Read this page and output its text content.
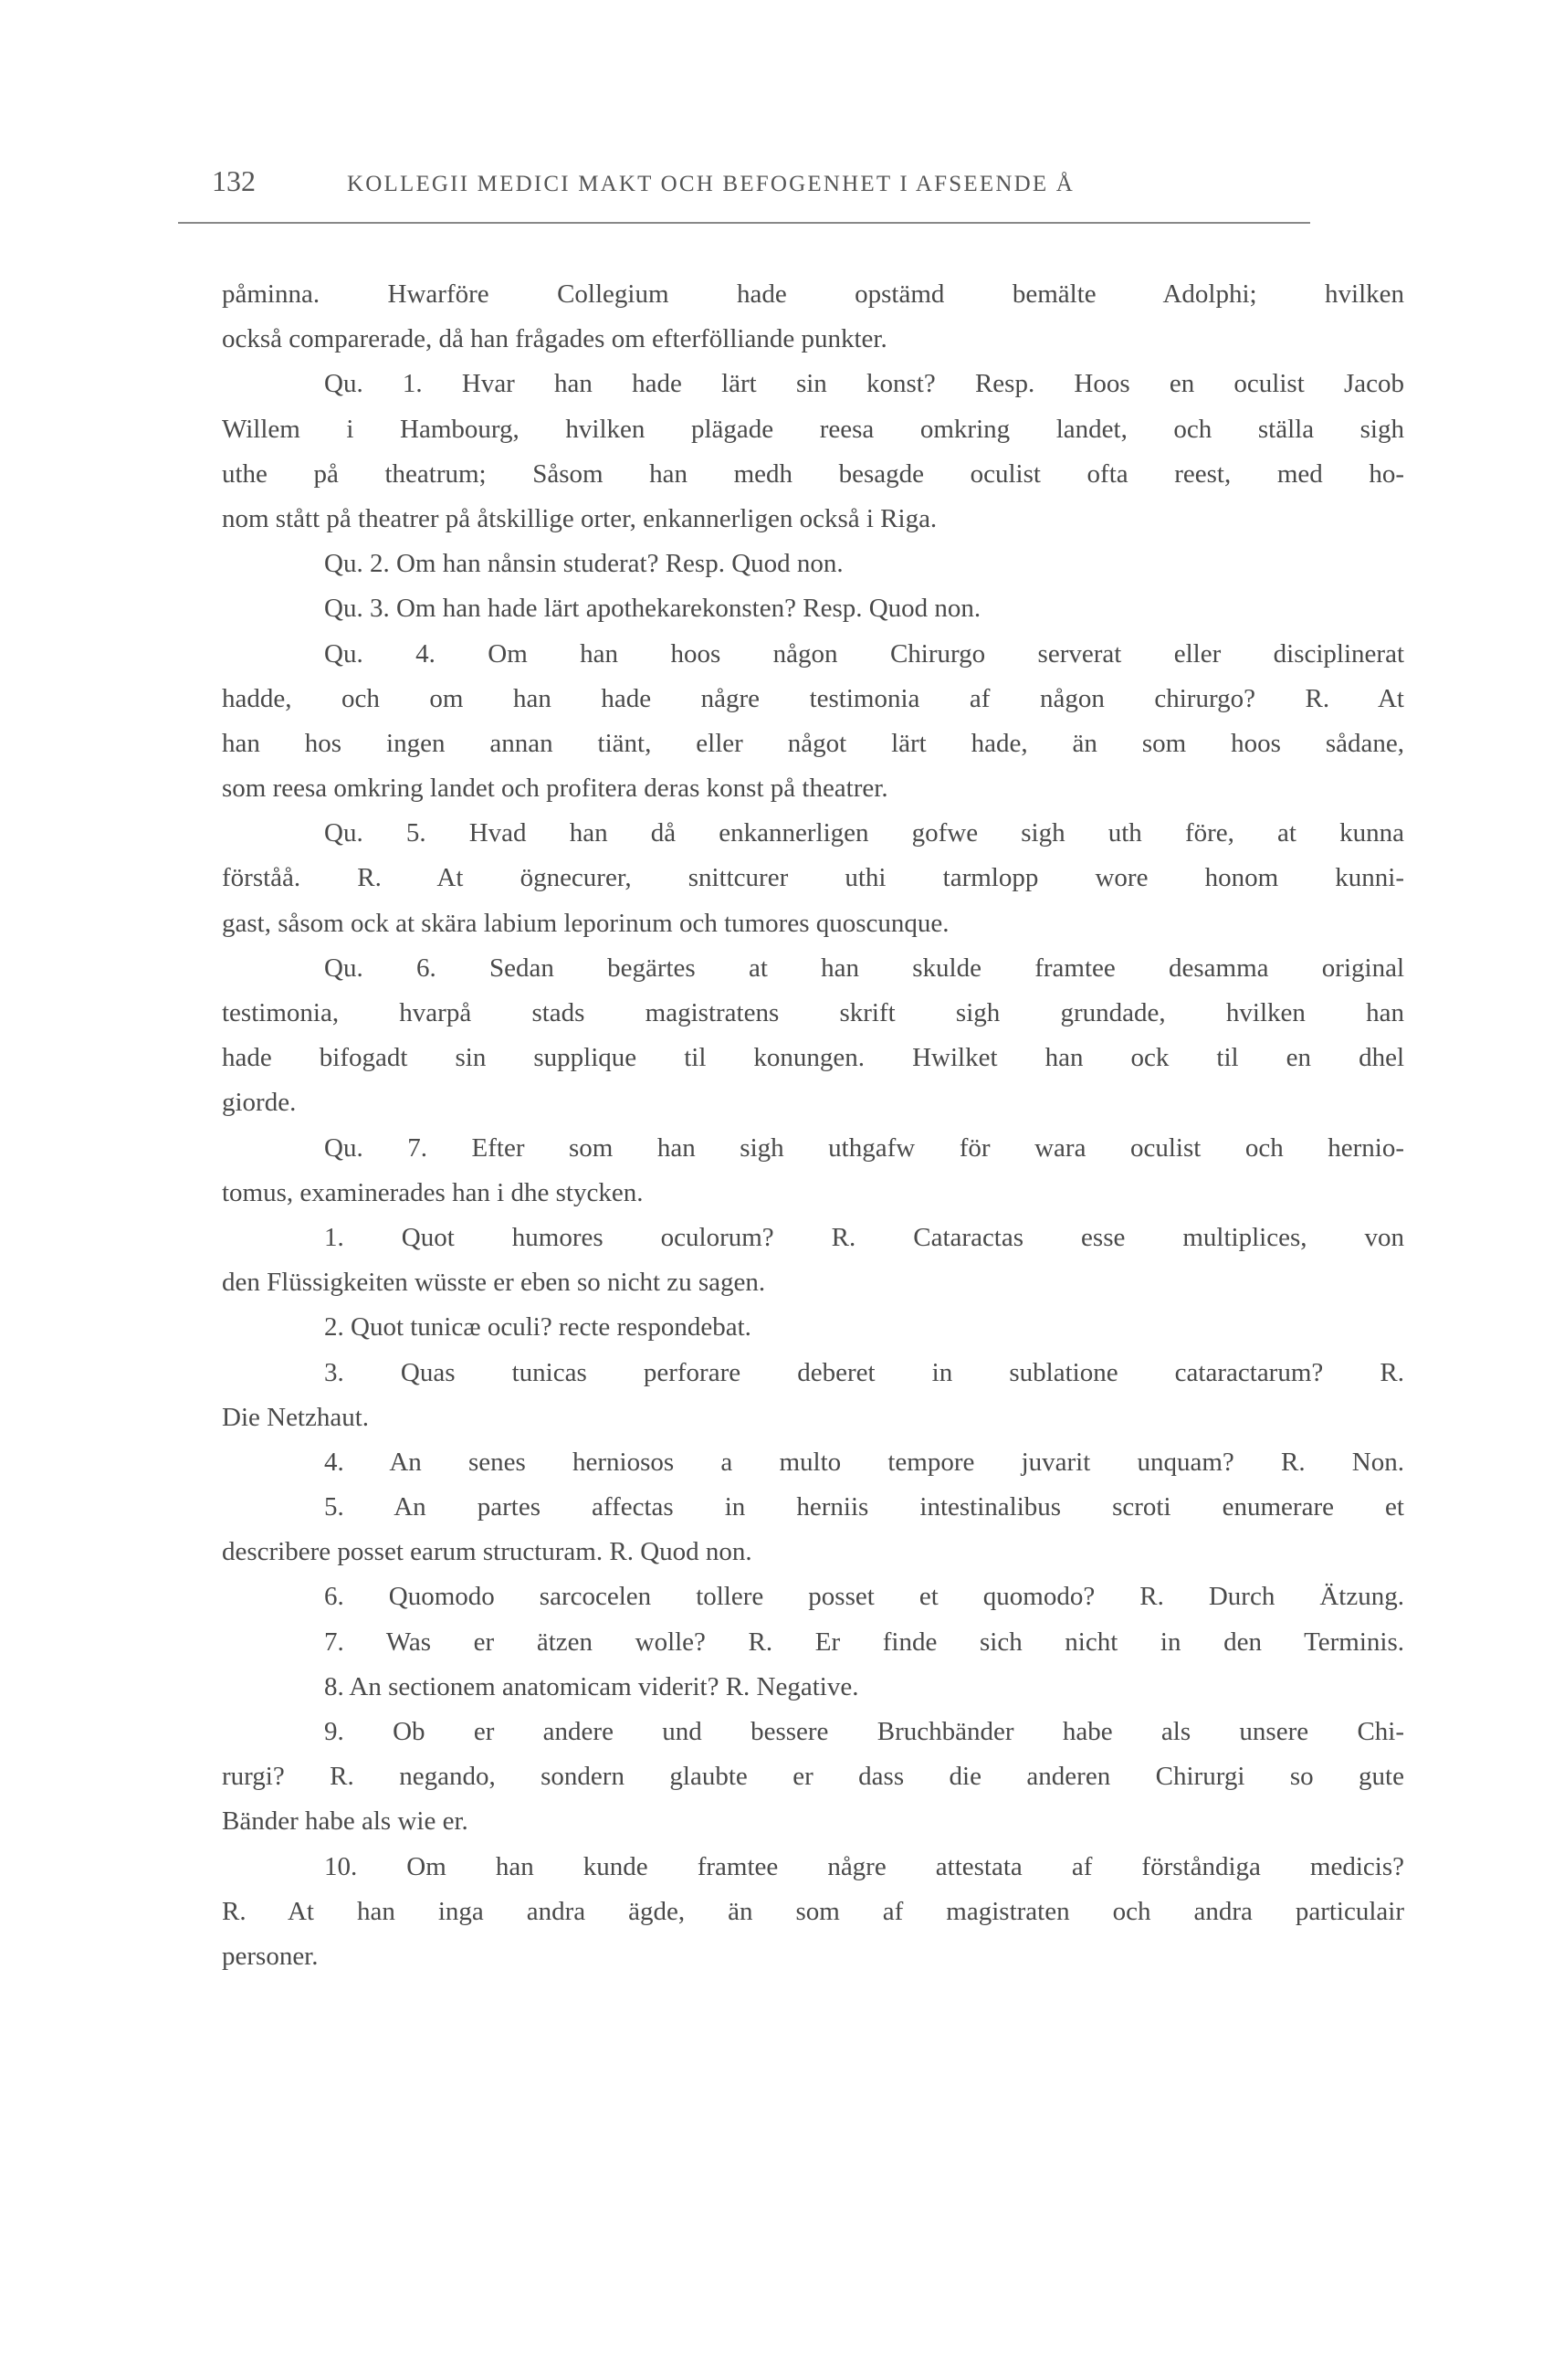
132	KOLLEGII MEDICI MAKT OCH BEFOGENHET I AFSEENDE Å
påminna. Hwarföre Collegium hade opstämd bemälte Adolphi; hvilken
också comparerade, då han frågades om efterfölliande punkter.
Qu. 1. Hvar han hade lärt sin konst? Resp. Hoos en oculist Jacob
Willem i Hambourg, hvilken plägade reesa omkring landet, och ställa sigh
uthe på theatrum; Såsom han medh besagde oculist ofta reest, med ho-
nom stått på theatrer på åtskillige orter, enkannerligen också i Riga.
Qu. 2. Om han nånsin studerat? Resp. Quod non.
Qu. 3. Om han hade lärt apothekarekonsten? Resp. Quod non.
Qu. 4. Om han hoos någon Chirurgo serverat eller disciplinerat
hadde, och om han hade någre testimonia af någon chirurgo? R. At
han hos ingen annan tiänt, eller något lärt hade, än som hoos sådane,
som reesa omkring landet och profitera deras konst på theatrer.
Qu. 5. Hvad han då enkannerligen gofwe sigh uth före, at kunna
förståå. R. At ögnecurer, snittcurer uthi tarmlopp wore honom kunni-
gast, såsom ock at skära labium leporinum och tumores quoscunque.
Qu. 6. Sedan begärtes at han skulde framtee desamma original
testimonia, hvarpå stads magistratens skrift sigh grundade, hvilken han
hade bifogadt sin supplique til konungen. Hwilket han ock til en dhel
giorde.
Qu. 7. Efter som han sigh uthgafw för wara oculist och hernio-
tomus, examinerades han i dhe stycken.
1. Quot humores oculorum? R. Cataractas esse multiplices, von
den Flüssigkeiten wüsste er eben so nicht zu sagen.
2. Quot tunicæ oculi? recte respondebat.
3. Quas tunicas perforare deberet in sublatione cataractarum? R.
Die Netzhaut.
4. An senes herniosos a multo tempore juvarit unquam? R. Non.
5. An partes affectas in herniis intestinalibus scroti enumerare et
describere posset earum structuram. R. Quod non.
6. Quomodo sarcocelen tollere posset et quomodo? R. Durch Ätzung.
7. Was er ätzen wolle? R. Er finde sich nicht in den Terminis.
8. An sectionem anatomicam viderit? R. Negative.
9. Ob er andere und bessere Bruchbänder habe als unsere Chi-
rurgi? R. negando, sondern glaubte er dass die anderen Chirurgi so gute
Bänder habe als wie er.
10. Om han kunde framtee någre attestata af förståndiga medicis?
R. At han inga andra ägde, än som af magistraten och andra particulair
personer.
